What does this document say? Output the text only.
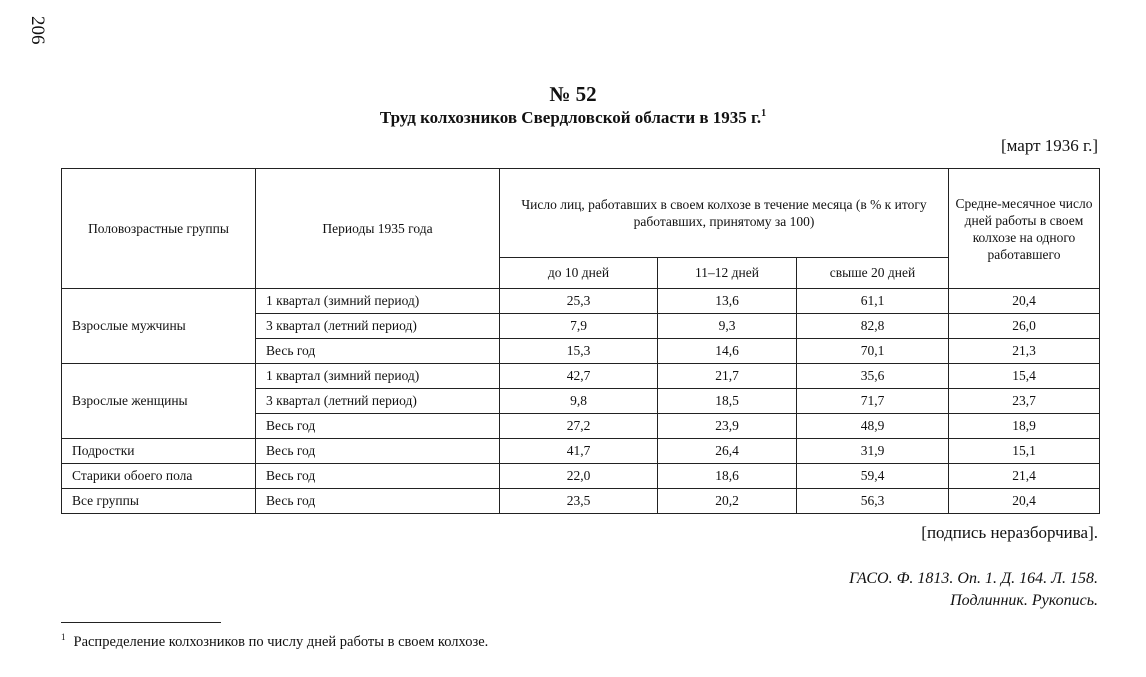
206
№ 52
Труд колхозников Свердловской области в 1935 г.$^1$
[март 1936 г.]
Половозрастные группы	Периоды 1935 года	Число лиц, работавших в своем колхозе в течение месяца (в % к итогу работавших, принятому за 100)			Средне-месячное число дней работы в своем колхозе на одного работавшего
		до 10 дней	11–12 дней	свыше 20 дней	
Взрослые мужчины	1 квартал (зимний период)	25,3	13,6	61,1	20,4
	3 квартал (летний период)	7,9	9,3	82,8	26,0
	Весь год	15,3	14,6	70,1	21,3
Взрослые женщины	1 квартал (зимний период)	42,7	21,7	35,6	15,4
	3 квартал (летний период)	9,8	18,5	71,7	23,7
	Весь год	27,2	23,9	48,9	18,9
Подростки	Весь год	41,7	26,4	31,9	15,1
Старики обоего пола	Весь год	22,0	18,6	59,4	21,4
Все группы	Весь год	23,5	20,2	56,3	20,4
[подпись неразборчива].
ГАСО. Ф. 1813. Оп. 1. Д. 164. Л. 158.
Подлинник. Рукопись.
$^1$ Распределение колхозников по числу дней работы в своем колхозе.
